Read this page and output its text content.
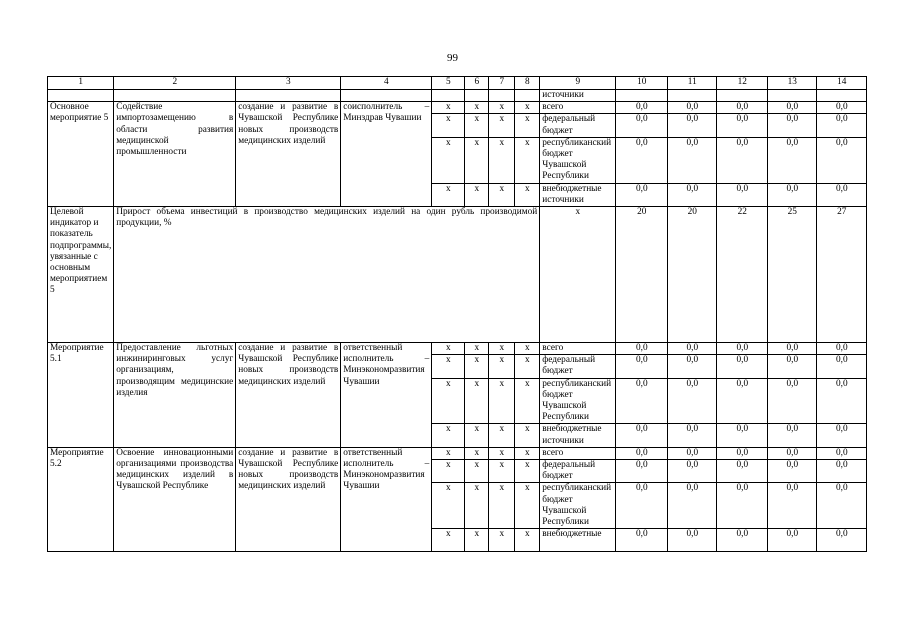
99
1	2	3	4	5	6	7	8	9	10	11	12	13	14
								источники					
Основное мероприятие 5	Содействие импортозамещению в области развития медицинской промышленности	создание и развитие в Чувашской Республике новых производств медицинских изделий	соисполнитель – Минздрав Чувашии	х	х	х	х	всего	0,0	0,0	0,0	0,0	0,0
				х	х	х	х	федеральный бюджет	0,0	0,0	0,0	0,0	0,0
				х	х	х	х	республиканский бюджет Чувашской Республики	0,0	0,0	0,0	0,0	0,0
				х	х	х	х	внебюджетные источники	0,0	0,0	0,0	0,0	0,0
Целевой индикатор и показатель подпрограммы, увязанные с основным мероприятием 5	Прирост объема инвестиций в производство медицинских изделий на один рубль производимой продукции, %							х	20	20	22	25	27
Мероприятие 5.1	Предоставление льготных инжиниринговых услуг организациям, производящим медицинские изделия	создание и развитие в Чувашской Республике новых производств медицинских изделий	ответственный исполнитель – Минэкономразвития Чувашии	х	х	х	х	всего	0,0	0,0	0,0	0,0	0,0
				х	х	х	х	федеральный бюджет	0,0	0,0	0,0	0,0	0,0
				х	х	х	х	республиканский бюджет Чувашской Республики	0,0	0,0	0,0	0,0	0,0
				х	х	х	х	внебюджетные источники	0,0	0,0	0,0	0,0	0,0
Мероприятие 5.2	Освоение инновационными организациями производства медицинских изделий в Чувашской Республике	создание и развитие в Чувашской Республике новых производств медицинских изделий	ответственный исполнитель – Минэкономразвития Чувашии	х	х	х	х	всего	0,0	0,0	0,0	0,0	0,0
				х	х	х	х	федеральный бюджет	0,0	0,0	0,0	0,0	0,0
				х	х	х	х	республиканский бюджет Чувашской Республики	0,0	0,0	0,0	0,0	0,0
				х	х	х	х	внебюджетные	0,0	0,0	0,0	0,0	0,0
